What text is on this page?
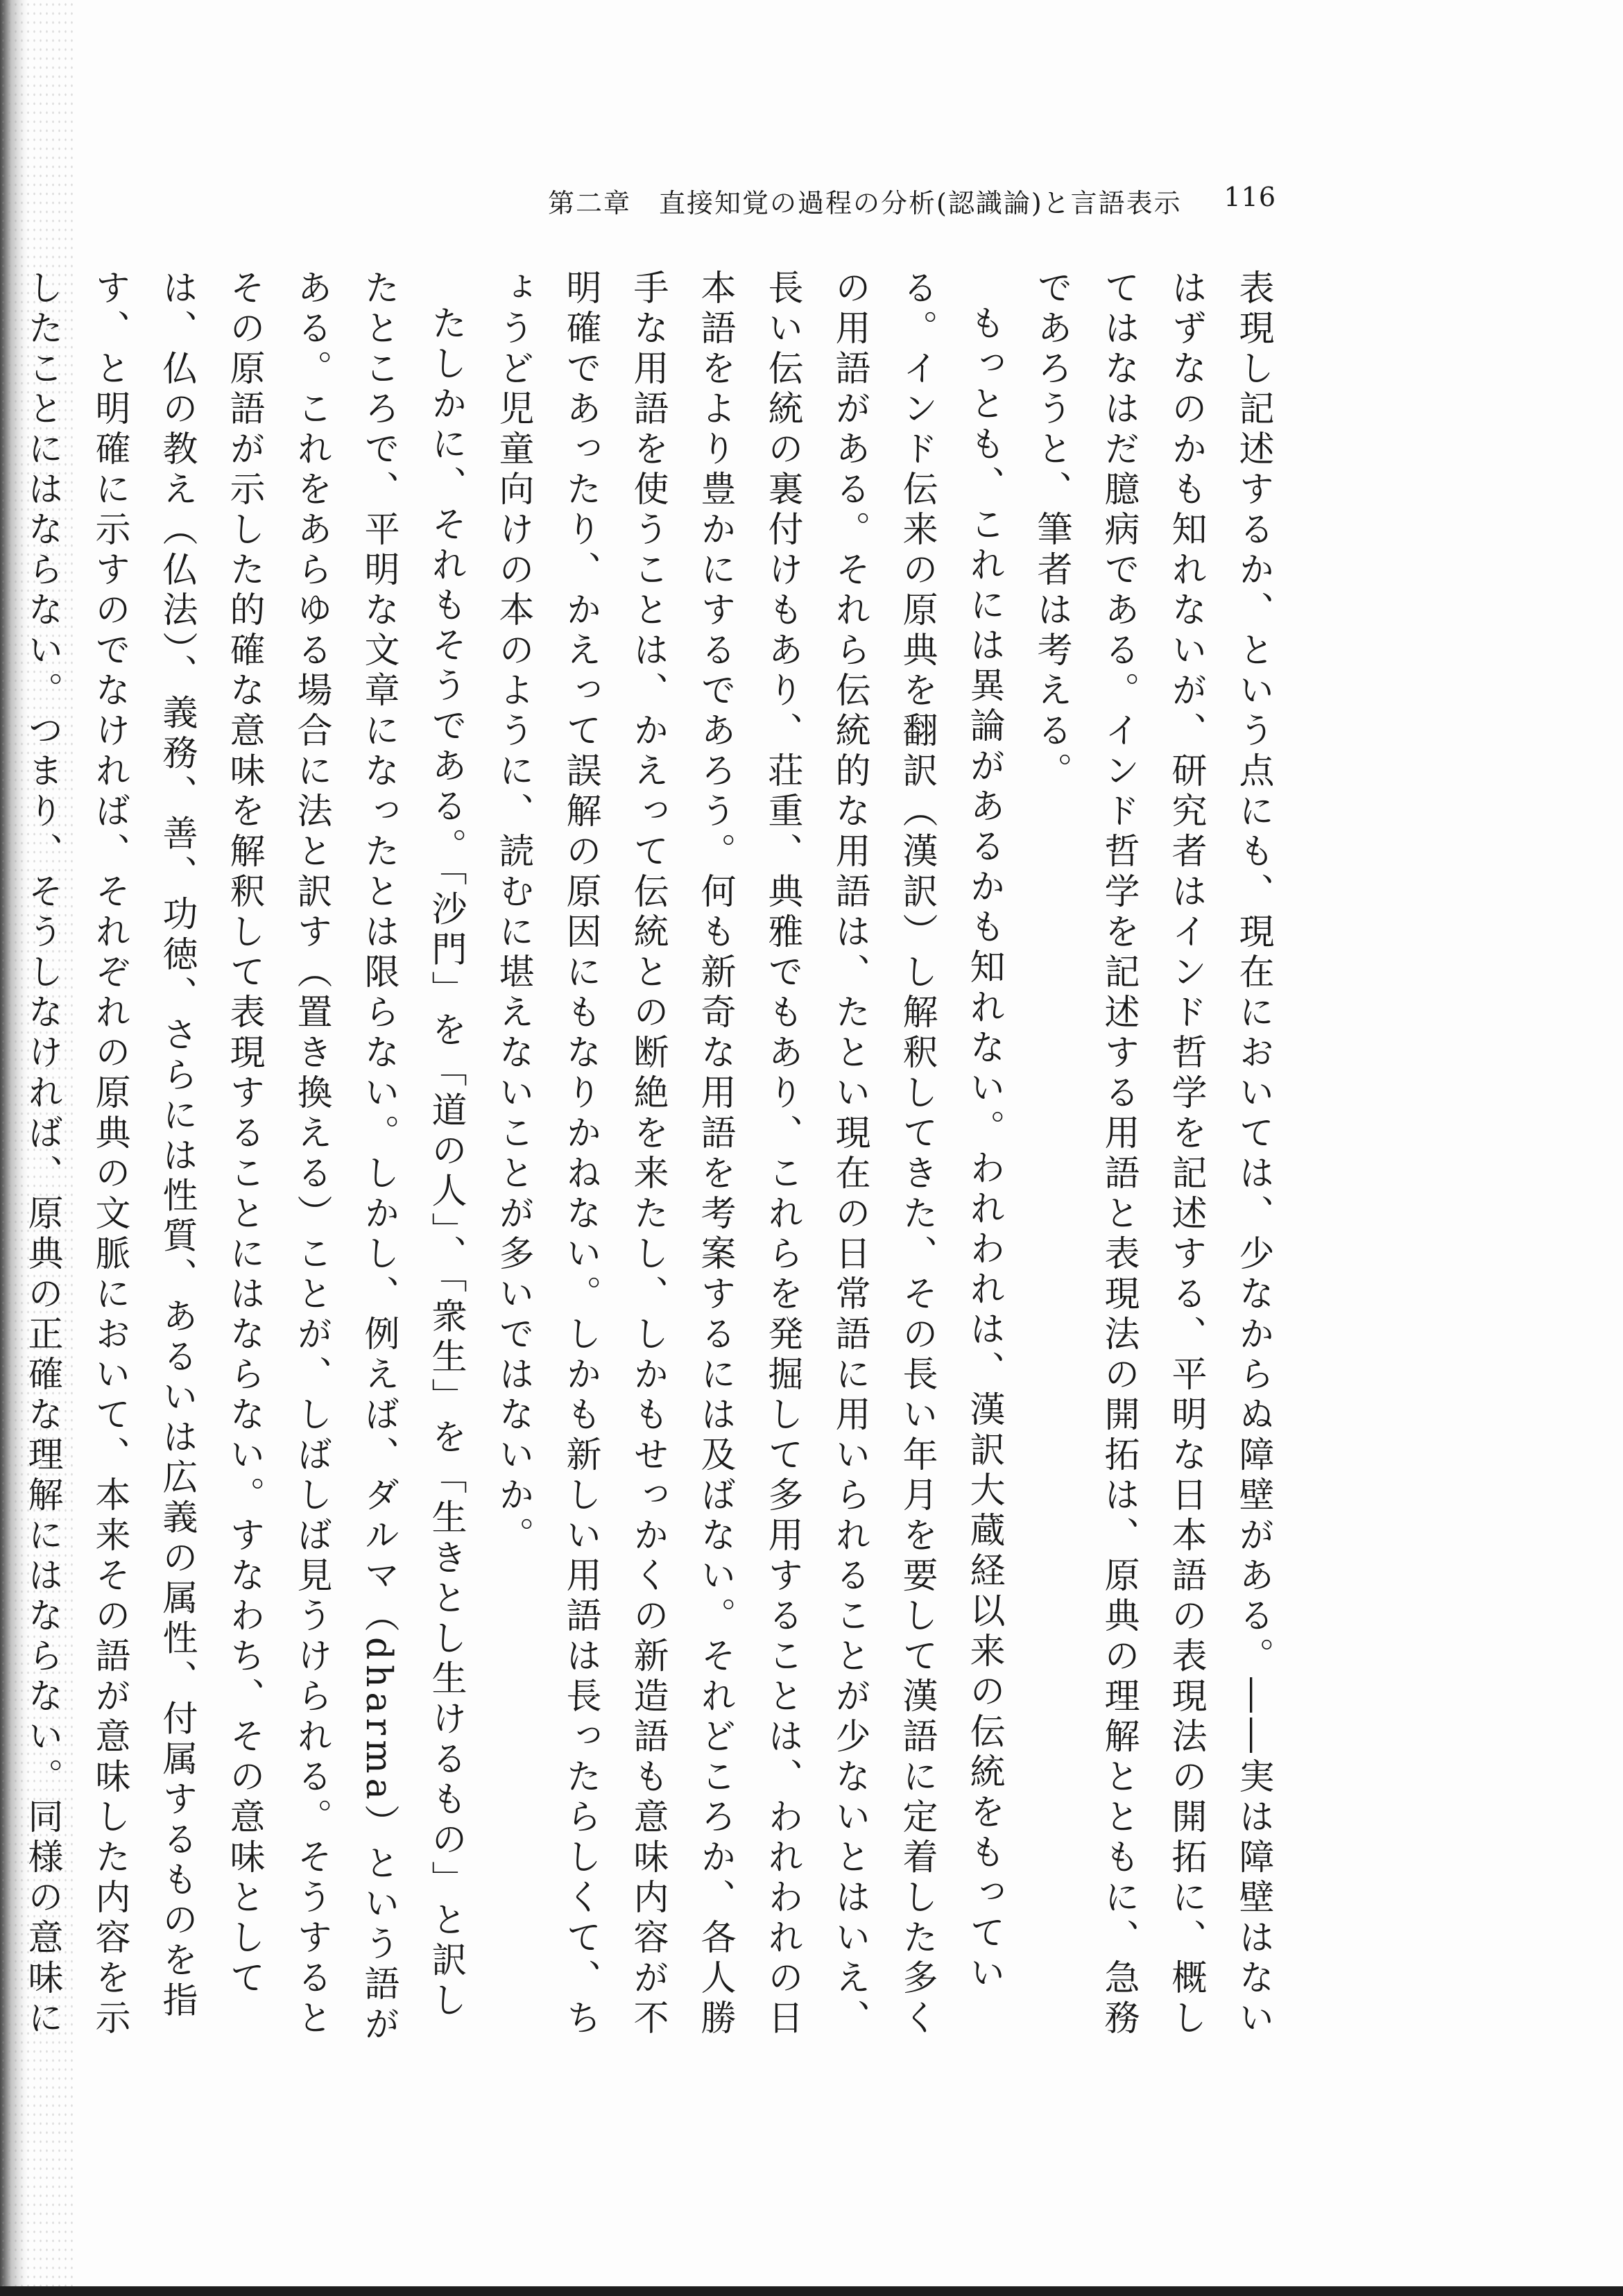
第二章　直接知覚の過程の分析(認識論)と言語表示 116

表現し記述するか、という点にも、現在においては、少なからぬ障壁がある。――実は障壁はないはずなのかも知れないが、研究者はインド哲学を記述する、平明な日本語の表現法の開拓に、概してはなはだ臆病である。インド哲学を記述する用語と表現法の開拓は、原典の理解とともに、急務であろうと、筆者は考える。

もっとも、これには異論があるかも知れない。われわれは、漢訳大蔵経以来の伝統をもっている。インド伝来の原典を翻訳（漢訳）し解釈してきた、その長い年月を要して漢語に定着した多くの用語がある。それら伝統的な用語は、たとい現在の日常語に用いられることが少ないとはいえ、長い伝統の裏付けもあり、荘重、典雅でもあり、これらを発掘して多用することは、われわれの日本語をより豊かにするであろう。何も新奇な用語を考案するには及ばない。それどころか、各人勝手な用語を使うことは、かえって伝統との断絶を来たし、しかもせっかくの新造語も意味内容が不明確であったり、かえって誤解の原因にもなりかねない。しかも新しい用語は長ったらしくて、ちょうど児童向けの本のように、読むに堪えないことが多いではないか。

たしかに、それもそうである。「沙門」を「道の人」、「衆生」を「生きとし生けるもの」と訳したところで、平明な文章になったとは限らない。しかし、例えば、ダルマ（dharma）という語がある。これをあらゆる場合に法と訳す（置き換える）ことが、しばしば見うけられる。そうするとその原語が示した的確な意味を解釈して表現することにはならない。すなわち、その意味としては、仏の教え（仏法）、義務、善、功徳、さらには性質、あるいは広義の属性、付属するものを指す、と明確に示すのでなければ、それぞれの原典の文脈において、本来その語が意味した内容を示したことにはならない。つまり、そうしなければ、原典の正確な理解にはならない。同様の意味に
